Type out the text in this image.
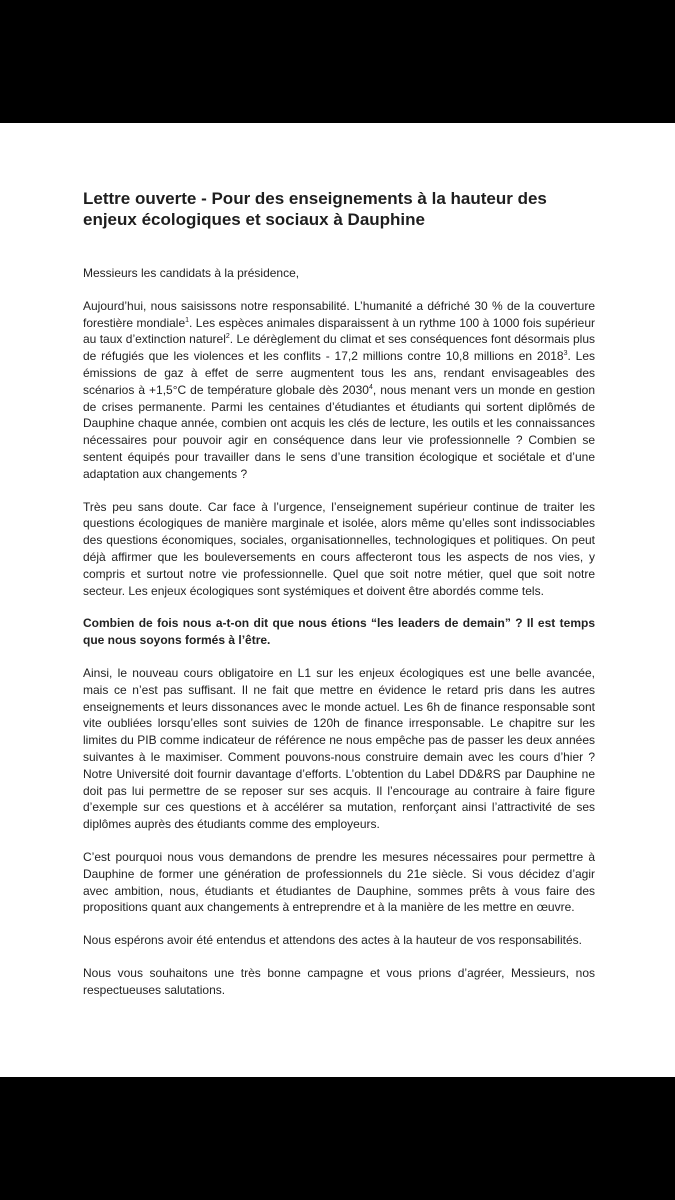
Lettre ouverte - Pour des enseignements à la hauteur des enjeux écologiques et sociaux à Dauphine
Messieurs les candidats à la présidence,
Aujourd’hui, nous saisissons notre responsabilité. L’humanité a défriché 30 % de la couverture forestière mondiale$^1$. Les espèces animales disparaissent à un rythme 100 à 1000 fois supérieur au taux d’extinction naturel$^2$. Le dérèglement du climat et ses conséquences font désormais plus de réfugiés que les violences et les conflits - 17,2 millions contre 10,8 millions en 2018$^3$. Les émissions de gaz à effet de serre augmentent tous les ans, rendant envisageables des scénarios à +1,5°C de température globale dès 2030$^4$, nous menant vers un monde en gestion de crises permanente. Parmi les centaines d’étudiantes et étudiants qui sortent diplômés de Dauphine chaque année, combien ont acquis les clés de lecture, les outils et les connaissances nécessaires pour pouvoir agir en conséquence dans leur vie professionnelle ? Combien se sentent équipés pour travailler dans le sens d’une transition écologique et sociétale et d’une adaptation aux changements ?
Très peu sans doute. Car face à l’urgence, l’enseignement supérieur continue de traiter les questions écologiques de manière marginale et isolée, alors même qu’elles sont indissociables des questions économiques, sociales, organisationnelles, technologiques et politiques. On peut déjà affirmer que les bouleversements en cours affecteront tous les aspects de nos vies, y compris et surtout notre vie professionnelle. Quel que soit notre métier, quel que soit notre secteur. Les enjeux écologiques sont systémiques et doivent être abordés comme tels.
Combien de fois nous a-t-on dit que nous étions “les leaders de demain” ? Il est temps que nous soyons formés à l’être.
Ainsi, le nouveau cours obligatoire en L1 sur les enjeux écologiques est une belle avancée, mais ce n’est pas suffisant. Il ne fait que mettre en évidence le retard pris dans les autres enseignements et leurs dissonances avec le monde actuel. Les 6h de finance responsable sont vite oubliées lorsqu’elles sont suivies de 120h de finance irresponsable. Le chapitre sur les limites du PIB comme indicateur de référence ne nous empêche pas de passer les deux années suivantes à le maximiser. Comment pouvons-nous construire demain avec les cours d’hier ? Notre Université doit fournir davantage d’efforts. L’obtention du Label DD&RS par Dauphine ne doit pas lui permettre de se reposer sur ses acquis. Il l’encourage au contraire à faire figure d’exemple sur ces questions et à accélérer sa mutation, renforçant ainsi l’attractivité de ses diplômes auprès des étudiants comme des employeurs.
C’est pourquoi nous vous demandons de prendre les mesures nécessaires pour permettre à Dauphine de former une génération de professionnels du 21e siècle. Si vous décidez d’agir avec ambition, nous, étudiants et étudiantes de Dauphine, sommes prêts à vous faire des propositions quant aux changements à entreprendre et à la manière de les mettre en œuvre.
Nous espérons avoir été entendus et attendons des actes à la hauteur de vos responsabilités.
Nous vous souhaitons une très bonne campagne et vous prions d’agréer, Messieurs, nos respectueuses salutations.
